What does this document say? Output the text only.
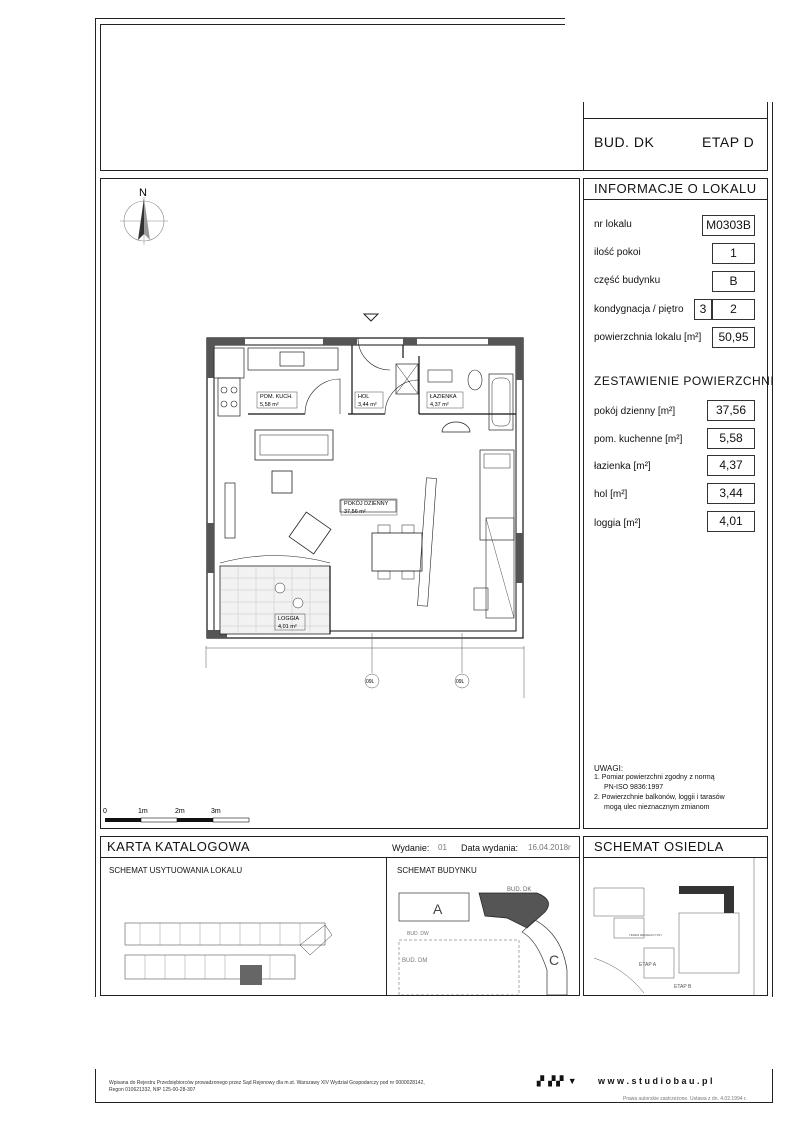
BUD. DK	ETAP D
INFORMACJE O LOKALU
nr lokalu	M0303B
ilość pokoi	1
część budynku	B
kondygnacja / piętro	3	2
powierzchnia lokalu [m²]	50,95
ZESTAWIENIE POWIERZCHNI
pokój dzienny [m²]	37,56
pom. kuchenne [m²]	5,58
łazienka [m²]	4,37
hol [m²]	3,44
loggia [m²]	4,01
UWAGI:
1. Pomiar powierzchni zgodny z normą
PN-ISO 9836:1997
2. Powierzchnie balkonów, loggii i tarasów
mogą ulec nieznacznym zmianom
N
POM. KUCH.
5,58 m²
HOL
3,44 m²
ŁAZIENKA
4,37 m²
POKÓJ DZIENNY
37,56 m²
LOGGIA
4,01 m²
09L	09L
0	1m	2m	3m
KARTA KATALOGOWA	Wydanie: 01 Data wydania: 16.04.2018r
SCHEMAT USYTUOWANIA LOKALU	SCHEMAT BUDYNKU
BUD. DK
A
BUD. DW
BUD. DM	C
SCHEMAT OSIEDLA
ETAP D
TEREN REKREACYJNY
ETAP A
ETAP B
Wpisana do Rejestru Przedsiębiorców prowadzonego przez Sąd Rejonowy dla m.st. Warszawy XIV Wydział Gospodarczy pod nr 0000028142,
Regon 010621332, NIP 125-00-28-307
▞ ▞▞ ▼ w w w . s t u d i o b a u . p l
Prawa autorskie zastrzeżone. Ustawa z dn. 4.02.1994 r.
